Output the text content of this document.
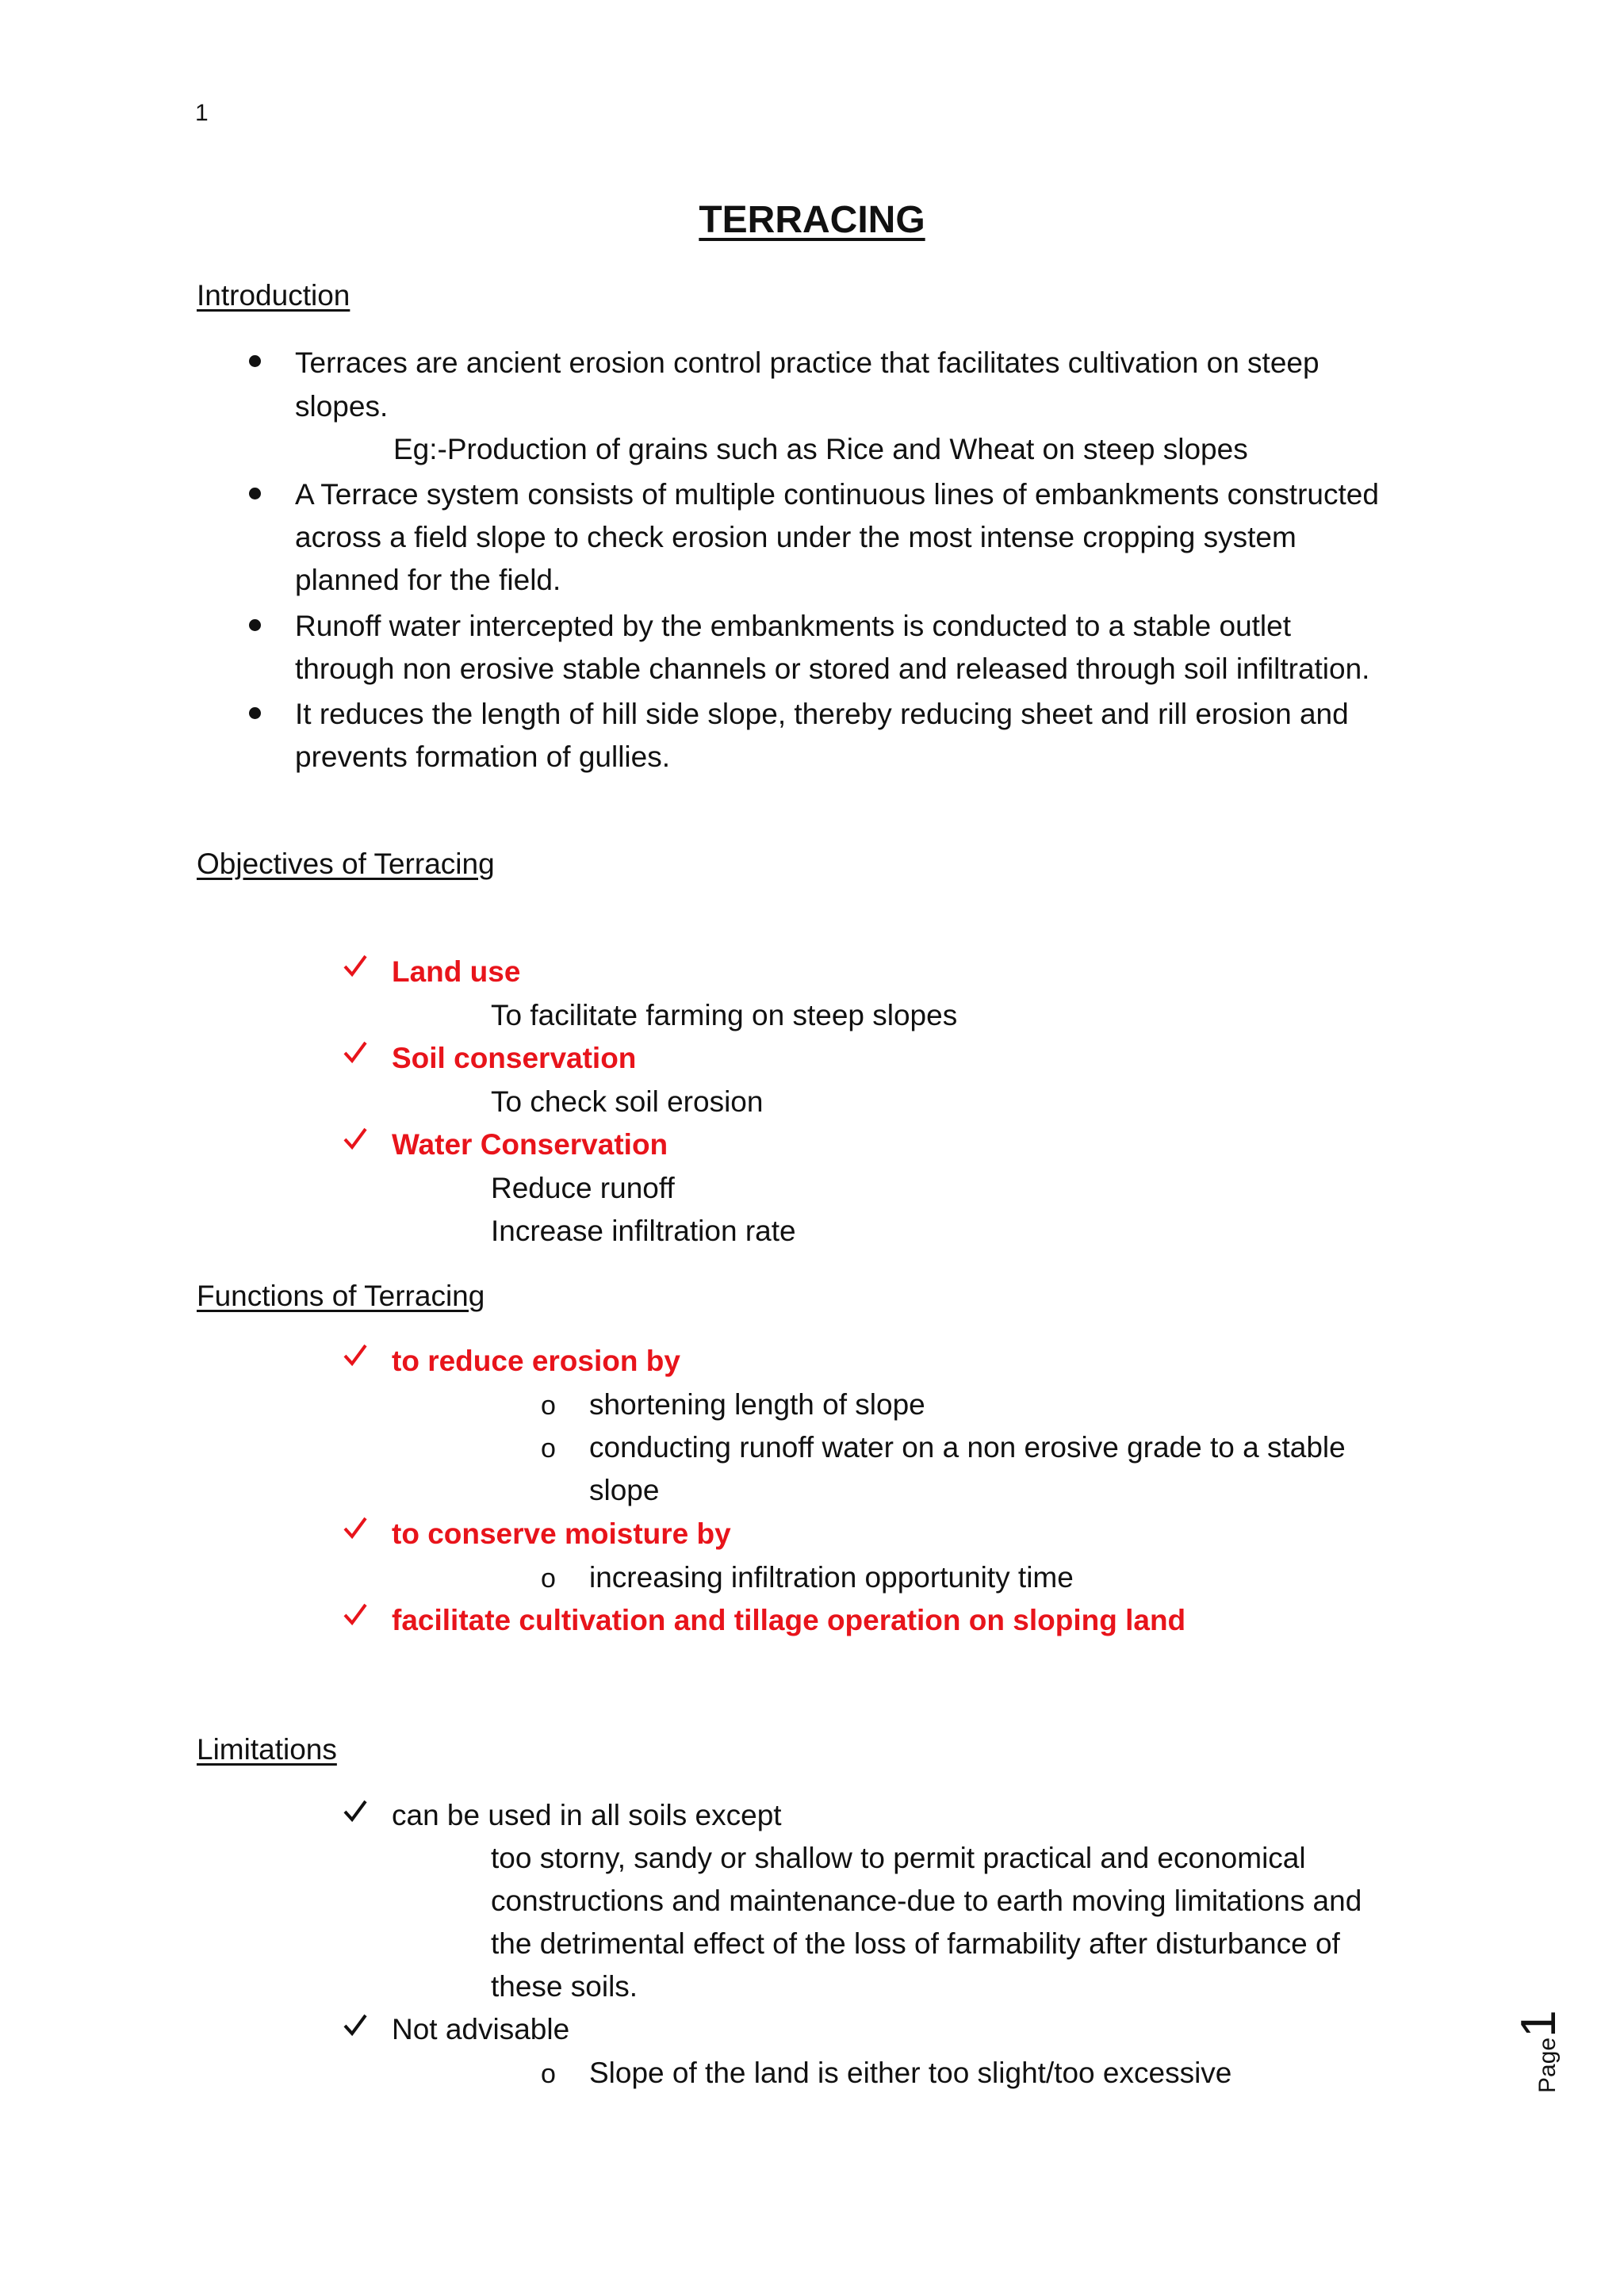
1
TERRACING
Introduction
Terraces are ancient erosion control practice that facilitates cultivation on steep
slopes.
Eg:-Production of grains such as Rice and Wheat on steep slopes
A Terrace system consists of multiple continuous lines of embankments constructed
across a field slope to check erosion under the most intense cropping system
planned for the field.
Runoff water intercepted by the embankments is conducted to a stable outlet
through non erosive stable channels or stored and released through soil infiltration.
It reduces the length of hill side slope, thereby reducing sheet and rill erosion and
prevents formation of gullies.
Objectives of Terracing
Land use
To facilitate farming on steep slopes
Soil conservation
To check soil erosion
Water Conservation
Reduce runoff
Increase infiltration rate
Functions of Terracing
to reduce erosion by
o shortening length of slope
o conducting runoff water on a non erosive grade to a stable
slope
to conserve moisture by
o increasing infiltration opportunity time
facilitate cultivation and tillage operation on sloping land
Limitations
can be used in all soils except
too storny, sandy or shallow to permit practical and economical
constructions and maintenance-due to earth moving limitations and
the detrimental effect of the loss of farmability after disturbance of
these soils.
Not advisable
o Slope of the land is either too slight/too excessive	Page1
